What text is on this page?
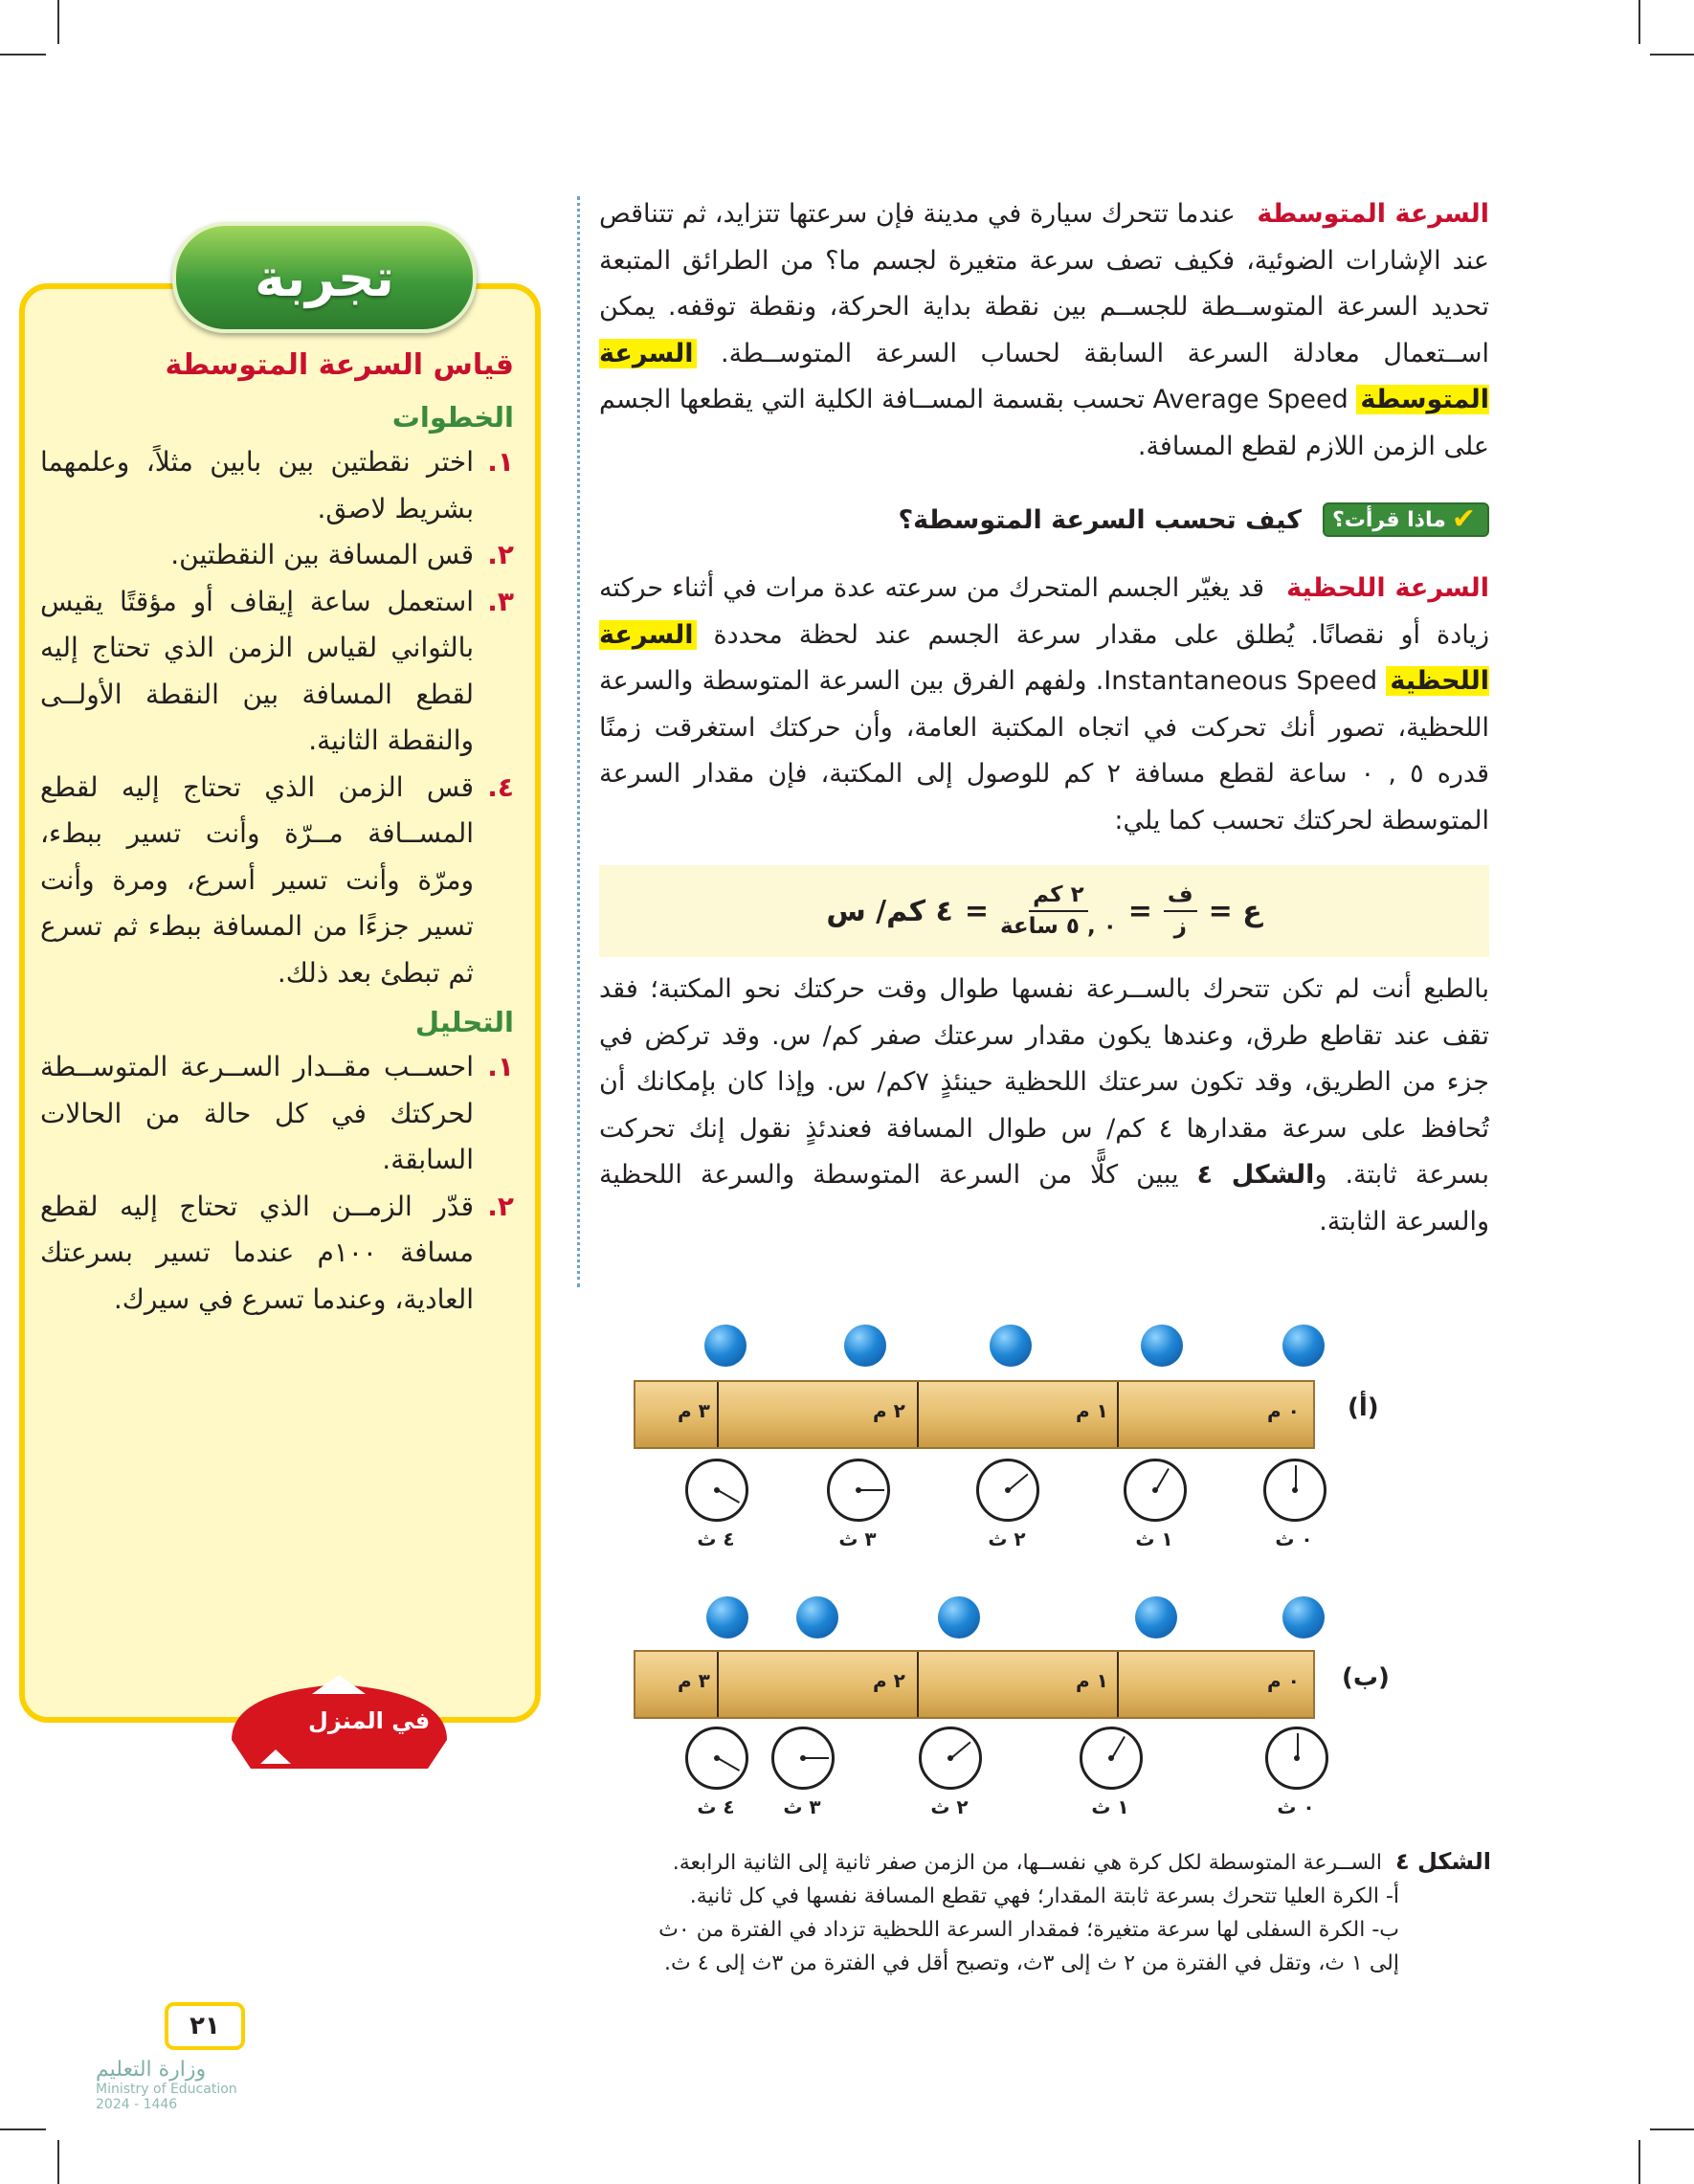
السرعة المتوسطة عندما تتحرك سيارة في مدينة فإن سرعتها تتزايد، ثم تتناقص عند الإشارات الضوئية، فكيف تصف سرعة متغيرة لجسم ما؟ من الطرائق المتبعة تحديد السرعة المتوســطة للجســم بين نقطة بداية الحركة، ونقطة توقفه. يمكن اســتعمال معادلة السرعة السابقة لحساب السرعة المتوســطة. السرعة المتوسطة Average Speed تحسب بقسمة المســافة الكلية التي يقطعها الجسم على الزمن اللازم لقطع المسافة.

✔
ماذا قرأت؟
كيف تحسب السرعة المتوسطة؟

السرعة اللحظية قد يغيّر الجسم المتحرك من سرعته عدة مرات في أثناء حركته زيادة أو نقصانًا. يُطلق على مقدار سرعة الجسم عند لحظة محددة السرعة اللحظية Instantaneous Speed. ولفهم الفرق بين السرعة المتوسطة والسرعة اللحظية، تصور أنك تحركت في اتجاه المكتبة العامة، وأن حركتك استغرقت زمنًا قدره ٥ , ٠ ساعة لقطع مسافة ٢ كم للوصول إلى المكتبة، فإن مقدار السرعة المتوسطة لحركتك تحسب كما يلي:

ع =
$\frac{\text{ف}}{\text{ز}}$
=
$\frac{\text{٢ كم}}{\text{٠ , ٥ ساعة}}$
=
٤ كم/ س

بالطبع أنت لم تكن تتحرك بالســرعة نفسها طوال وقت حركتك نحو المكتبة؛ فقد تقف عند تقاطع طرق، وعندها يكون مقدار سرعتك صفر كم/ س. وقد تركض في جزء من الطريق، وقد تكون سرعتك اللحظية حينئذٍ ٧كم/ س. وإذا كان بإمكانك أن تُحافظ على سرعة مقدارها ٤ كم/ س طوال المسافة فعندئذٍ نقول إنك تحركت بسرعة ثابتة. والشكل ٤ يبين كلًّا من السرعة المتوسطة والسرعة اللحظية والسرعة الثابتة.

تجربة
قياس السرعة المتوسطة
الخطوات
١.
اختر نقطتين بين بابين مثلاً، وعلمهما بشريط لاصق.
٢.
قس المسافة بين النقطتين.
٣.
استعمل ساعة إيقاف أو مؤقتًا يقيس بالثواني لقياس الزمن الذي تحتاج إليه لقطع المسافة بين النقطة الأولــى والنقطة الثانية.
٤.
قس الزمن الذي تحتاج إليه لقطع المســافة مــرّة وأنت تسير ببطء، ومرّة وأنت تسير أسرع، ومرة وأنت تسير جزءًا من المسافة ببطء ثم تسرع ثم تبطئ بعد ذلك.
التحليل
١.
احســب مقــدار الســرعة المتوســطة لحركتك في كل حالة من الحالات السابقة.
٢.
قدّر الزمــن الذي تحتاج إليه لقطع مسافة ١٠٠م عندما تسير بسرعتك العادية، وعندما تسرع في سيرك.
في المنزل
٣ م	٢ م	١ م	٠ م (أ)
٤ ث	٣ ث	٢ ث	١ ث	٠ ث
٣ م	٢ م	١ م	٠ م (ب)
٤ ث	٣ ث	٢ ث	١ ث	٠ ث
الشكل ٤الســرعة المتوسطة لكل كرة هي نفســها، من الزمن صفر ثانية إلى الثانية الرابعة.
أ- الكرة العليا تتحرك بسرعة ثابتة المقدار؛ فهي تقطع المسافة نفسها في كل ثانية.
ب- الكرة السفلى لها سرعة متغيرة؛ فمقدار السرعة اللحظية تزداد في الفترة من ٠ث
إلى ١ ث، وتقل في الفترة من ٢ ث إلى ٣ث، وتصبح أقل في الفترة من ٣ث إلى ٤ ث.
٢١
وزارة التعليم
Ministry of Education
2024 - 1446
